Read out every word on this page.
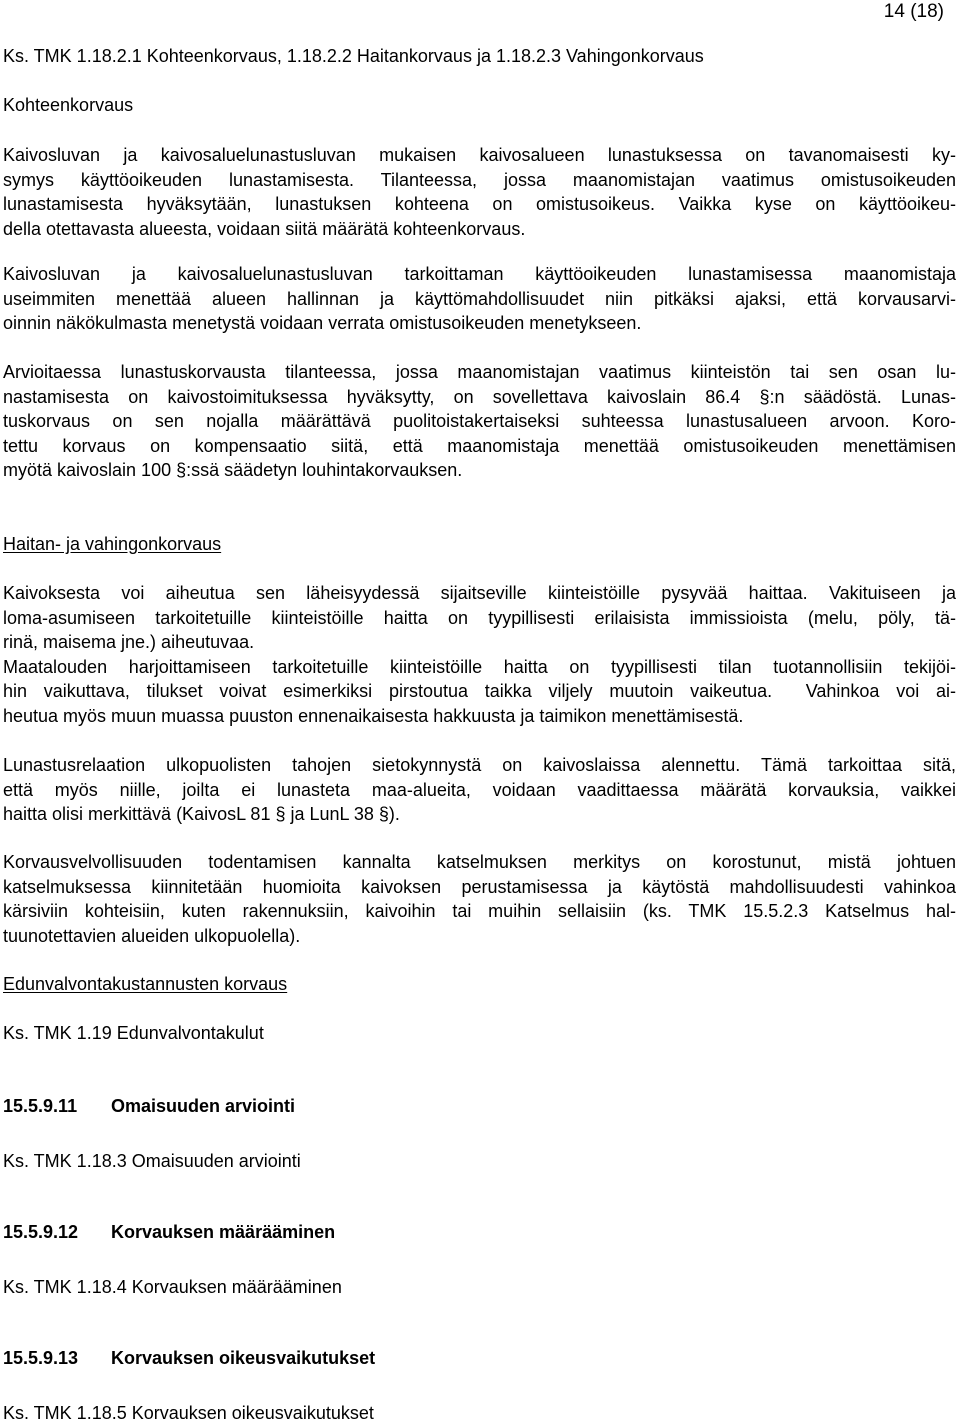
14 (18)
Ks. TMK 1.18.2.1 Kohteenkorvaus, 1.18.2.2 Haitankorvaus ja 1.18.2.3 Vahingonkorvaus
Kohteenkorvaus
Kaivosluvan ja kaivosaluelunastusluvan mukaisen kaivosalueen lunastuksessa on tavanomaisesti ky-
symys käyttöoikeuden lunastamisesta. Tilanteessa, jossa maanomistajan vaatimus omistusoikeuden
lunastamisesta hyväksytään, lunastuksen kohteena on omistusoikeus. Vaikka kyse on käyttöoikeu-
della otettavasta alueesta, voidaan siitä määrätä kohteenkorvaus.
Kaivosluvan ja kaivosaluelunastusluvan tarkoittaman käyttöoikeuden lunastamisessa maanomistaja
useimmiten menettää alueen hallinnan ja käyttömahdollisuudet niin pitkäksi ajaksi, että korvausarvi-
oinnin näkökulmasta menetystä voidaan verrata omistusoikeuden menetykseen.
Arvioitaessa lunastuskorvausta tilanteessa, jossa maanomistajan vaatimus kiinteistön tai sen osan lu-
nastamisesta on kaivostoimituksessa hyväksytty, on sovellettava kaivoslain 86.4 §:n säädöstä. Lunas-
tuskorvaus on sen nojalla määrättävä puolitoistakertaiseksi suhteessa lunastusalueen arvoon. Koro-
tettu korvaus on kompensaatio siitä, että maanomistaja menettää omistusoikeuden menettämisen
myötä kaivoslain 100 §:ssä säädetyn louhintakorvauksen.
Haitan- ja vahingonkorvaus
Kaivoksesta voi aiheutua sen läheisyydessä sijaitseville kiinteistöille pysyvää haittaa. Vakituiseen ja
loma-asumiseen tarkoitetuille kiinteistöille haitta on tyypillisesti erilaisista immissioista (melu, pöly, tä-
rinä, maisema jne.) aiheutuvaa.
Maatalouden harjoittamiseen tarkoitetuille kiinteistöille haitta on tyypillisesti tilan tuotannollisiin tekijöi-
hin vaikuttava, tilukset voivat esimerkiksi pirstoutua taikka viljely muutoin vaikeutua.  Vahinkoa voi ai-
heutua myös muun muassa puuston ennenaikaisesta hakkuusta ja taimikon menettämisestä.
Lunastusrelaation ulkopuolisten tahojen sietokynnystä on kaivoslaissa alennettu. Tämä tarkoittaa sitä,
että myös niille, joilta ei lunasteta maa-alueita, voidaan vaadittaessa määrätä korvauksia, vaikkei
haitta olisi merkittävä (KaivosL 81 § ja LunL 38 §).
Korvausvelvollisuuden todentamisen kannalta katselmuksen merkitys on korostunut, mistä johtuen
katselmuksessa kiinnitetään huomioita kaivoksen perustamisessa ja käytöstä mahdollisuudesti vahinkoa
kärsiviin kohteisiin, kuten rakennuksiin, kaivoihin tai muihin sellaisiin (ks. TMK 15.5.2.3 Katselmus hal-
tuunotettavien alueiden ulkopuolella).
Edunvalvontakustannusten korvaus
Ks. TMK 1.19 Edunvalvontakulut
15.5.9.11 Omaisuuden arviointi
Ks. TMK 1.18.3 Omaisuuden arviointi
15.5.9.12 Korvauksen määrääminen
Ks. TMK 1.18.4 Korvauksen määrääminen
15.5.9.13 Korvauksen oikeusvaikutukset
Ks. TMK 1.18.5 Korvauksen oikeusvaikutukset
